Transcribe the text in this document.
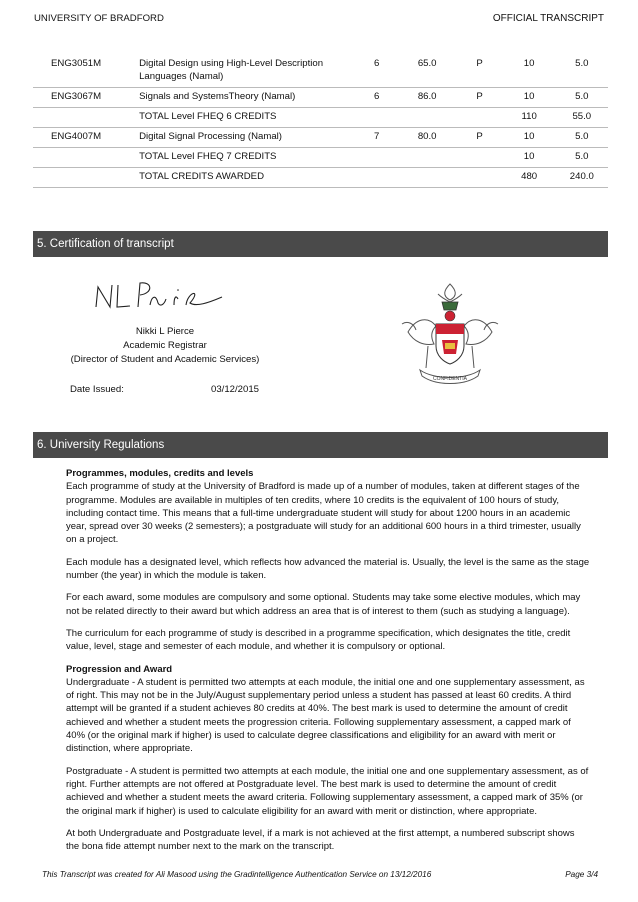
UNIVERSITY OF BRADFORD	OFFICIAL TRANSCRIPT
ENG3051M	Digital Design using High-Level Description Languages (Namal)	6	65.0	P	10	5.0
ENG3067M	Signals and SystemsTheory (Namal)	6	86.0	P	10	5.0
	TOTAL Level FHEQ 6 CREDITS				110	55.0
ENG4007M	Digital Signal Processing (Namal)	7	80.0	P	10	5.0
	TOTAL Level FHEQ 7 CREDITS				10	5.0
	TOTAL CREDITS AWARDED				480	240.0
5. Certification of transcript
Nikki L Pierce
Academic Registrar
(Director of Student and Academic Services)
Date Issued:	03/12/2015
CONFIDENTIA
6. University Regulations

Programmes, modules, credits and levels

Each programme of study at the University of Bradford is made up of a number of modules, taken at different stages of the programme. Modules are available in multiples of ten credits, where 10 credits is the equivalent of 100 hours of study, including contact time. This means that a full-time undergraduate student will study for about 1200 hours in an academic year, spread over 30 weeks (2 semesters); a postgraduate will study for an additional 600 hours in a third trimester, usually on a project.

Each module has a designated level, which reflects how advanced the material is. Usually, the level is the same as the stage number (the year) in which the module is taken.

For each award, some modules are compulsory and some optional. Students may take some elective modules, which may not be related directly to their award but which address an area that is of interest to them (such as studying a language).

The curriculum for each programme of study is described in a programme specification, which designates the title, credit value, level, stage and semester of each module, and whether it is compulsory or optional.

Progression and Award

Undergraduate - A student is permitted two attempts at each module, the initial one and one supplementary assessment, as of right. This may not be in the July/August supplementary period unless a student has passed at least 60 credits. A third attempt will be granted if a student achieves 80 credits at 40%. The best mark is used to determine the amount of credit achieved and whether a student meets the progression criteria. Following supplementary assessment, a capped mark of 40% (or the original mark if higher) is used to calculate degree classifications and eligibility for an award with merit or distinction, where appropriate.

Postgraduate - A student is permitted two attempts at each module, the initial one and one supplementary assessment, as of right. Further attempts are not offered at Postgraduate level. The best mark is used to determine the amount of credit achieved and whether a student meets the award criteria. Following supplementary assessment, a capped mark of 35% (or the original mark if higher) is used to calculate eligibility for an award with merit or distinction, where appropriate.

At both Undergraduate and Postgraduate level, if a mark is not achieved at the first attempt, a numbered subscript shows the bona fide attempt number next to the mark on the transcript.

This Transcript was created for Ali Masood using the Gradintelligence Authentication Service on 13/12/2016	Page 3/4
